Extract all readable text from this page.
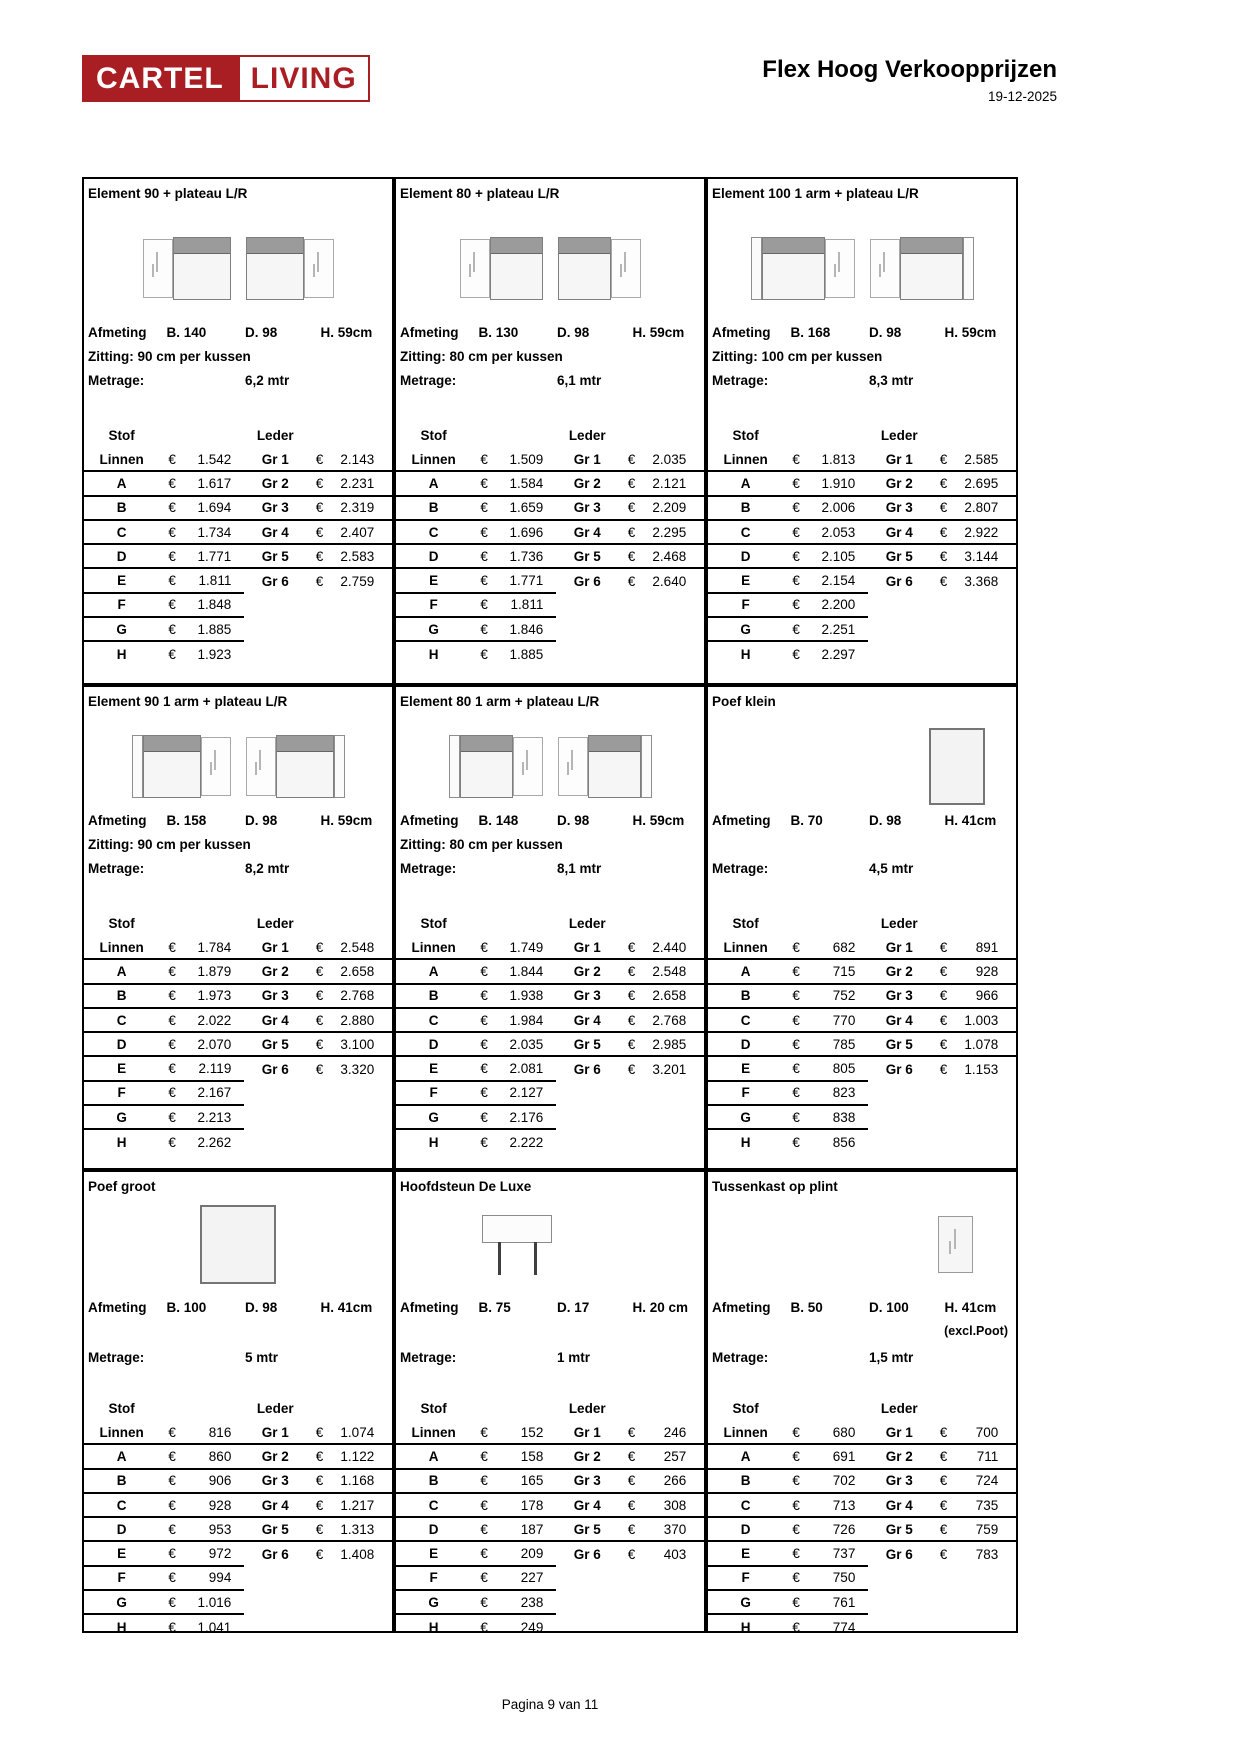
CARTEL LIVING	Flex Hoog Verkoopprijzen
19-12-2025
Element 90 + plateau L/R
Afmeting	B. 140	D. 98	H. 59cm
Zitting: 90 cm per kussen
Metrage:	6,2 mtr
Stof	Leder
Linnen	€	1.542	Gr 1	€	2.143
A	€	1.617	Gr 2	€	2.231
B	€	1.694	Gr 3	€	2.319
C	€	1.734	Gr 4	€	2.407
D	€	1.771	Gr 5	€	2.583
E	€	1.811	Gr 6	€	2.759
F	€	1.848
G	€	1.885
H	€	1.923
Element 80 + plateau L/R
Afmeting	B. 130	D. 98	H. 59cm
Zitting: 80 cm per kussen
Metrage:	6,1 mtr
Stof	Leder
Linnen	€	1.509	Gr 1	€	2.035
A	€	1.584	Gr 2	€	2.121
B	€	1.659	Gr 3	€	2.209
C	€	1.696	Gr 4	€	2.295
D	€	1.736	Gr 5	€	2.468
E	€	1.771	Gr 6	€	2.640
F	€	1.811
G	€	1.846
H	€	1.885
Element 100 1 arm + plateau L/R
Afmeting	B. 168	D. 98	H. 59cm
Zitting: 100 cm per kussen
Metrage:	8,3 mtr
Stof	Leder
Linnen	€	1.813	Gr 1	€	2.585
A	€	1.910	Gr 2	€	2.695
B	€	2.006	Gr 3	€	2.807
C	€	2.053	Gr 4	€	2.922
D	€	2.105	Gr 5	€	3.144
E	€	2.154	Gr 6	€	3.368
F	€	2.200
G	€	2.251
H	€	2.297
Element 90 1 arm + plateau L/R
Afmeting	B. 158	D. 98	H. 59cm
Zitting: 90 cm per kussen
Metrage:	8,2 mtr
Stof	Leder
Linnen	€	1.784	Gr 1	€	2.548
A	€	1.879	Gr 2	€	2.658
B	€	1.973	Gr 3	€	2.768
C	€	2.022	Gr 4	€	2.880
D	€	2.070	Gr 5	€	3.100
E	€	2.119	Gr 6	€	3.320
F	€	2.167
G	€	2.213
H	€	2.262
Element 80 1 arm + plateau L/R
Afmeting	B. 148	D. 98	H. 59cm
Zitting: 80 cm per kussen
Metrage:	8,1 mtr
Stof	Leder
Linnen	€	1.749	Gr 1	€	2.440
A	€	1.844	Gr 2	€	2.548
B	€	1.938	Gr 3	€	2.658
C	€	1.984	Gr 4	€	2.768
D	€	2.035	Gr 5	€	2.985
E	€	2.081	Gr 6	€	3.201
F	€	2.127
G	€	2.176
H	€	2.222
Poef klein
Afmeting	B. 70	D. 98	H. 41cm
Metrage:	4,5 mtr
Stof	Leder
Linnen	€	682	Gr 1	€	891
A	€	715	Gr 2	€	928
B	€	752	Gr 3	€	966
C	€	770	Gr 4	€	1.003
D	€	785	Gr 5	€	1.078
E	€	805	Gr 6	€	1.153
F	€	823
G	€	838
H	€	856
Poef groot
Afmeting	B. 100	D. 98	H. 41cm
Metrage:	5 mtr
Stof	Leder
Linnen	€	816	Gr 1	€	1.074
A	€	860	Gr 2	€	1.122
B	€	906	Gr 3	€	1.168
C	€	928	Gr 4	€	1.217
D	€	953	Gr 5	€	1.313
E	€	972	Gr 6	€	1.408
F	€	994
G	€	1.016
H	€	1.041
Hoofdsteun De Luxe
Afmeting	B. 75	D. 17	H. 20 cm
Metrage:	1 mtr
Stof	Leder
Linnen	€	152	Gr 1	€	246
A	€	158	Gr 2	€	257
B	€	165	Gr 3	€	266
C	€	178	Gr 4	€	308
D	€	187	Gr 5	€	370
E	€	209	Gr 6	€	403
F	€	227
G	€	238
H	€	249
Tussenkast op plint
Afmeting	B. 50	D. 100	H. 41cm
(excl.Poot)
Metrage:	1,5 mtr
Stof	Leder
Linnen	€	680	Gr 1	€	700
A	€	691	Gr 2	€	711
B	€	702	Gr 3	€	724
C	€	713	Gr 4	€	735
D	€	726	Gr 5	€	759
E	€	737	Gr 6	€	783
F	€	750
G	€	761
H	€	774
Pagina 9 van 11
